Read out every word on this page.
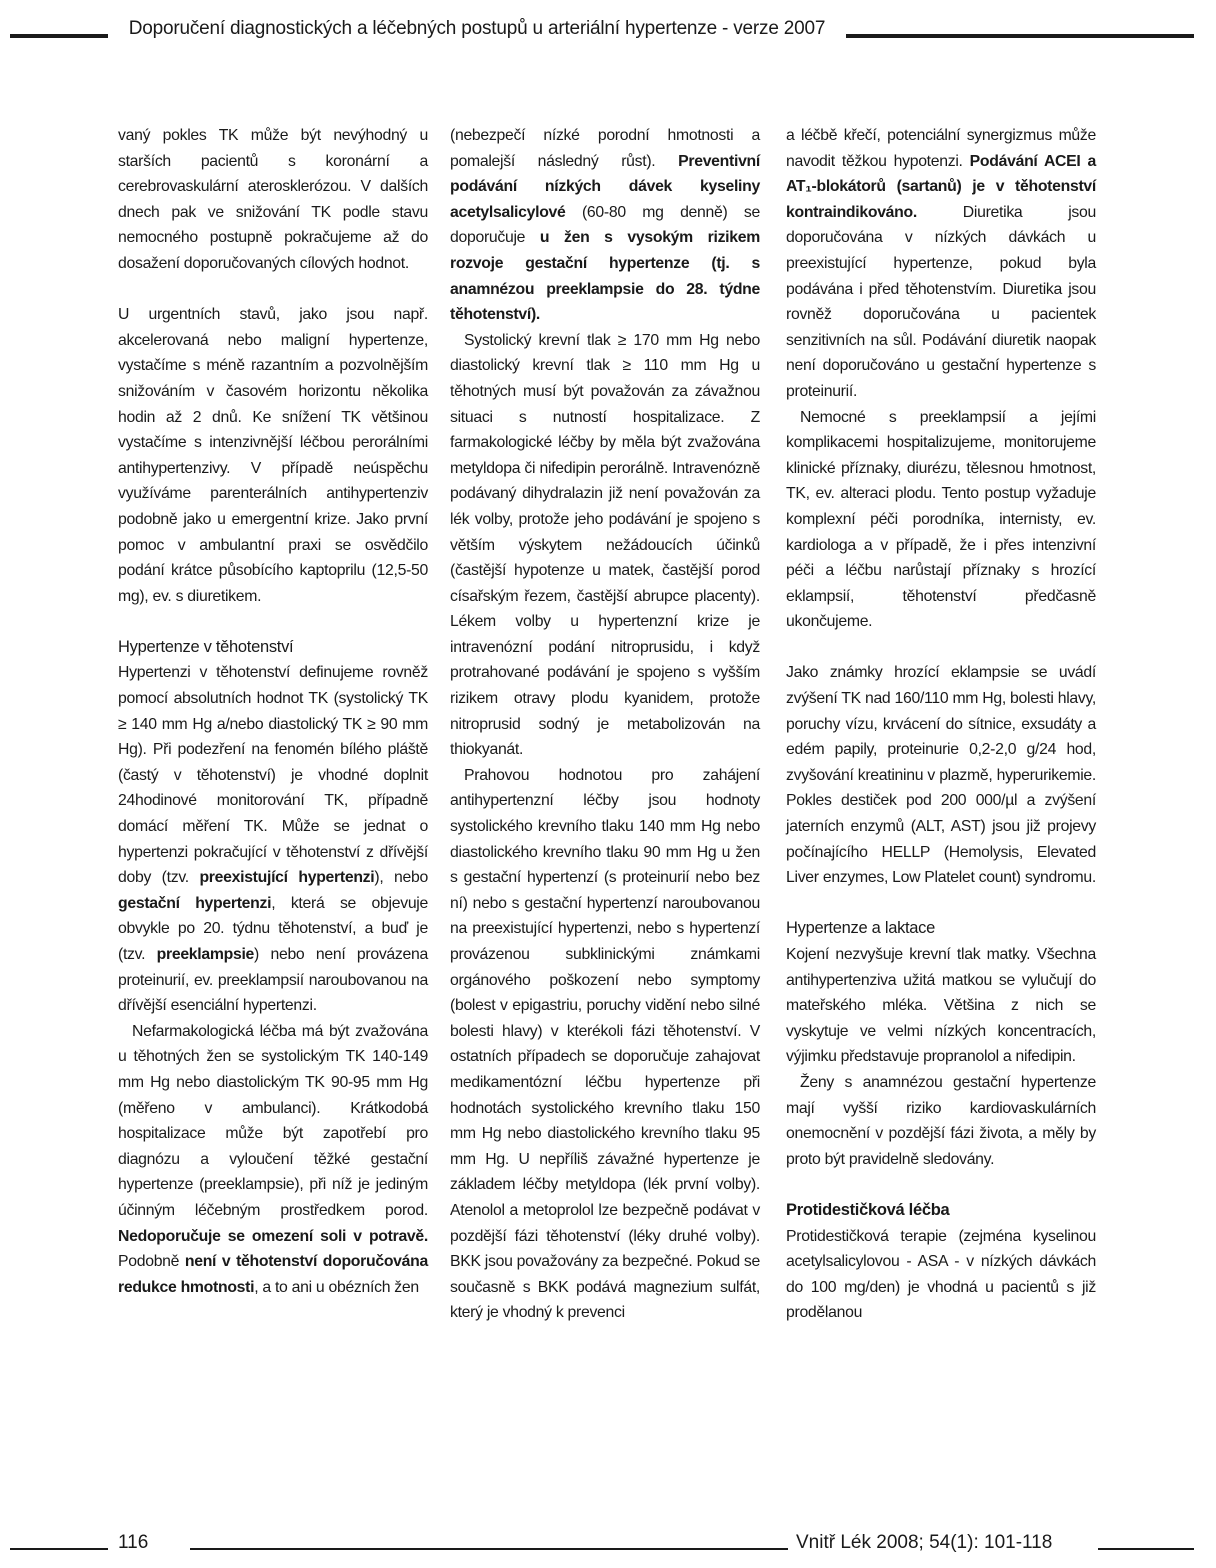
Doporučení diagnostických a léčebných postupů u arteriální hypertenze - verze 2007

vaný pokles TK může být nevýhodný u starších pacientů s koronární a cerebrovaskulární aterosklerózou. V dalších dnech pak ve snižování TK podle stavu nemocného postupně pokračujeme až do dosažení doporučovaných cílových hodnot.

U urgentních stavů, jako jsou např. akcelerovaná nebo maligní hypertenze, vystačíme s méně razantním a pozvolnějším snižováním v časovém horizontu několika hodin až 2 dnů. Ke snížení TK většinou vystačíme s intenzivnější léčbou perorálními antihypertenzivy. V případě neúspěchu využíváme parenterálních antihypertenziv podobně jako u emergentní krize. Jako první pomoc v ambulantní praxi se osvědčilo podání krátce působícího kaptoprilu (12,5-50 mg), ev. s diuretikem.

Hypertenze v těhotenství

Hypertenzi v těhotenství definujeme rovněž pomocí absolutních hodnot TK (systolický TK ≥ 140 mm Hg a/nebo diastolický TK ≥ 90 mm Hg). Při podezření na fenomén bílého pláště (častý v těhotenství) je vhodné doplnit 24hodinové monitorování TK, případně domácí měření TK. Může se jednat o hypertenzi pokračující v těhotenství z dřívější doby (tzv. preexistující hypertenzi), nebo gestační hypertenzi, která se objevuje obvykle po 20. týdnu těhotenství, a buď je (tzv. preeklampsie) nebo není provázena proteinurií, ev. preeklampsií naroubovanou na dřívější esenciální hypertenzi.

Nefarmakologická léčba má být zvažována u těhotných žen se systolickým TK 140-149 mm Hg nebo diastolickým TK 90-95 mm Hg (měřeno v ambulanci). Krátkodobá hospitalizace může být zapotřebí pro diagnózu a vyloučení těžké gestační hypertenze (preeklampsie), při níž je jediným účinným léčebným prostředkem porod. Nedoporučuje se omezení soli v potravě. Podobně není v těhotenství doporučována redukce hmotnosti, a to ani u obézních žen

(nebezpečí nízké porodní hmotnosti a pomalejší následný růst). Preventivní podávání nízkých dávek kyseliny acetylsalicylové (60-80 mg denně) se doporučuje u žen s vysokým rizikem rozvoje gestační hypertenze (tj. s anamnézou preeklampsie do 28. týdne těhotenství).

Systolický krevní tlak ≥ 170 mm Hg nebo diastolický krevní tlak ≥ 110 mm Hg u těhotných musí být považován za závažnou situaci s nutností hospitalizace. Z farmakologické léčby by měla být zvažována metyldopa či nifedipin perorálně. Intravenózně podávaný dihydralazin již není považován za lék volby, protože jeho podávání je spojeno s větším výskytem nežádoucích účinků (častější hypotenze u matek, častější porod císařským řezem, častější abrupce placenty). Lékem volby u hypertenzní krize je intravenózní podání nitroprusidu, i když protrahované podávání je spojeno s vyšším rizikem otravy plodu kyanidem, protože nitroprusid sodný je metabolizován na thiokyanát.

Prahovou hodnotou pro zahájení antihypertenzní léčby jsou hodnoty systolického krevního tlaku 140 mm Hg nebo diastolického krevního tlaku 90 mm Hg u žen s gestační hypertenzí (s proteinurií nebo bez ní) nebo s gestační hypertenzí naroubovanou na preexistující hypertenzi, nebo s hypertenzí provázenou subklinickými známkami orgánového poškození nebo symptomy (bolest v epigastriu, poruchy vidění nebo silné bolesti hlavy) v kterékoli fázi těhotenství. V ostatních případech se doporučuje zahajovat medikamentózní léčbu hypertenze při hodnotách systolického krevního tlaku 150 mm Hg nebo diastolického krevního tlaku 95 mm Hg. U nepříliš závažné hypertenze je základem léčby metyldopa (lék první volby). Atenolol a metoprolol lze bezpečně podávat v pozdější fázi těhotenství (léky druhé volby). BKK jsou považovány za bezpečné. Pokud se současně s BKK podává magnezium sulfát, který je vhodný k prevenci

a léčbě křečí, potenciální synergizmus může navodit těžkou hypotenzi. Podávání ACEI a AT₁-blokátorů (sartanů) je v těhotenství kontraindikováno. Diuretika jsou doporučována v nízkých dávkách u preexistující hypertenze, pokud byla podávána i před těhotenstvím. Diuretika jsou rovněž doporučována u pacientek senzitivních na sůl. Podávání diuretik naopak není doporučováno u gestační hypertenze s proteinurií.

Nemocné s preeklampsií a jejími komplikacemi hospitalizujeme, monitorujeme klinické příznaky, diurézu, tělesnou hmotnost, TK, ev. alteraci plodu. Tento postup vyžaduje komplexní péči porodníka, internisty, ev. kardiologa a v případě, že i přes intenzivní péči a léčbu narůstají příznaky s hrozící eklampsií, těhotenství předčasně ukončujeme.

Jako známky hrozící eklampsie se uvádí zvýšení TK nad 160/110 mm Hg, bolesti hlavy, poruchy vízu, krvácení do sítnice, exsudáty a edém papily, proteinurie 0,2-2,0 g/24 hod, zvyšování kreatininu v plazmě, hyperurikemie. Pokles destiček pod 200 000/µl a zvýšení jaterních enzymů (ALT, AST) jsou již projevy počínajícího HELLP (Hemolysis, Elevated Liver enzymes, Low Platelet count) syndromu.

Hypertenze a laktace

Kojení nezvyšuje krevní tlak matky. Všechna antihypertenziva užitá matkou se vylučují do mateřského mléka. Většina z nich se vyskytuje ve velmi nízkých koncentracích, výjimku představuje propranolol a nifedipin.

Ženy s anamnézou gestační hypertenze mají vyšší riziko kardiovaskulárních onemocnění v pozdější fázi života, a měly by proto být pravidelně sledovány.

Protidestičková léčba

Protidestičková terapie (zejména kyselinou acetylsalicylovou - ASA - v nízkých dávkách do 100 mg/den) je vhodná u pacientů s již prodělanou

116	Vnitř Lék 2008; 54(1): 101-118
